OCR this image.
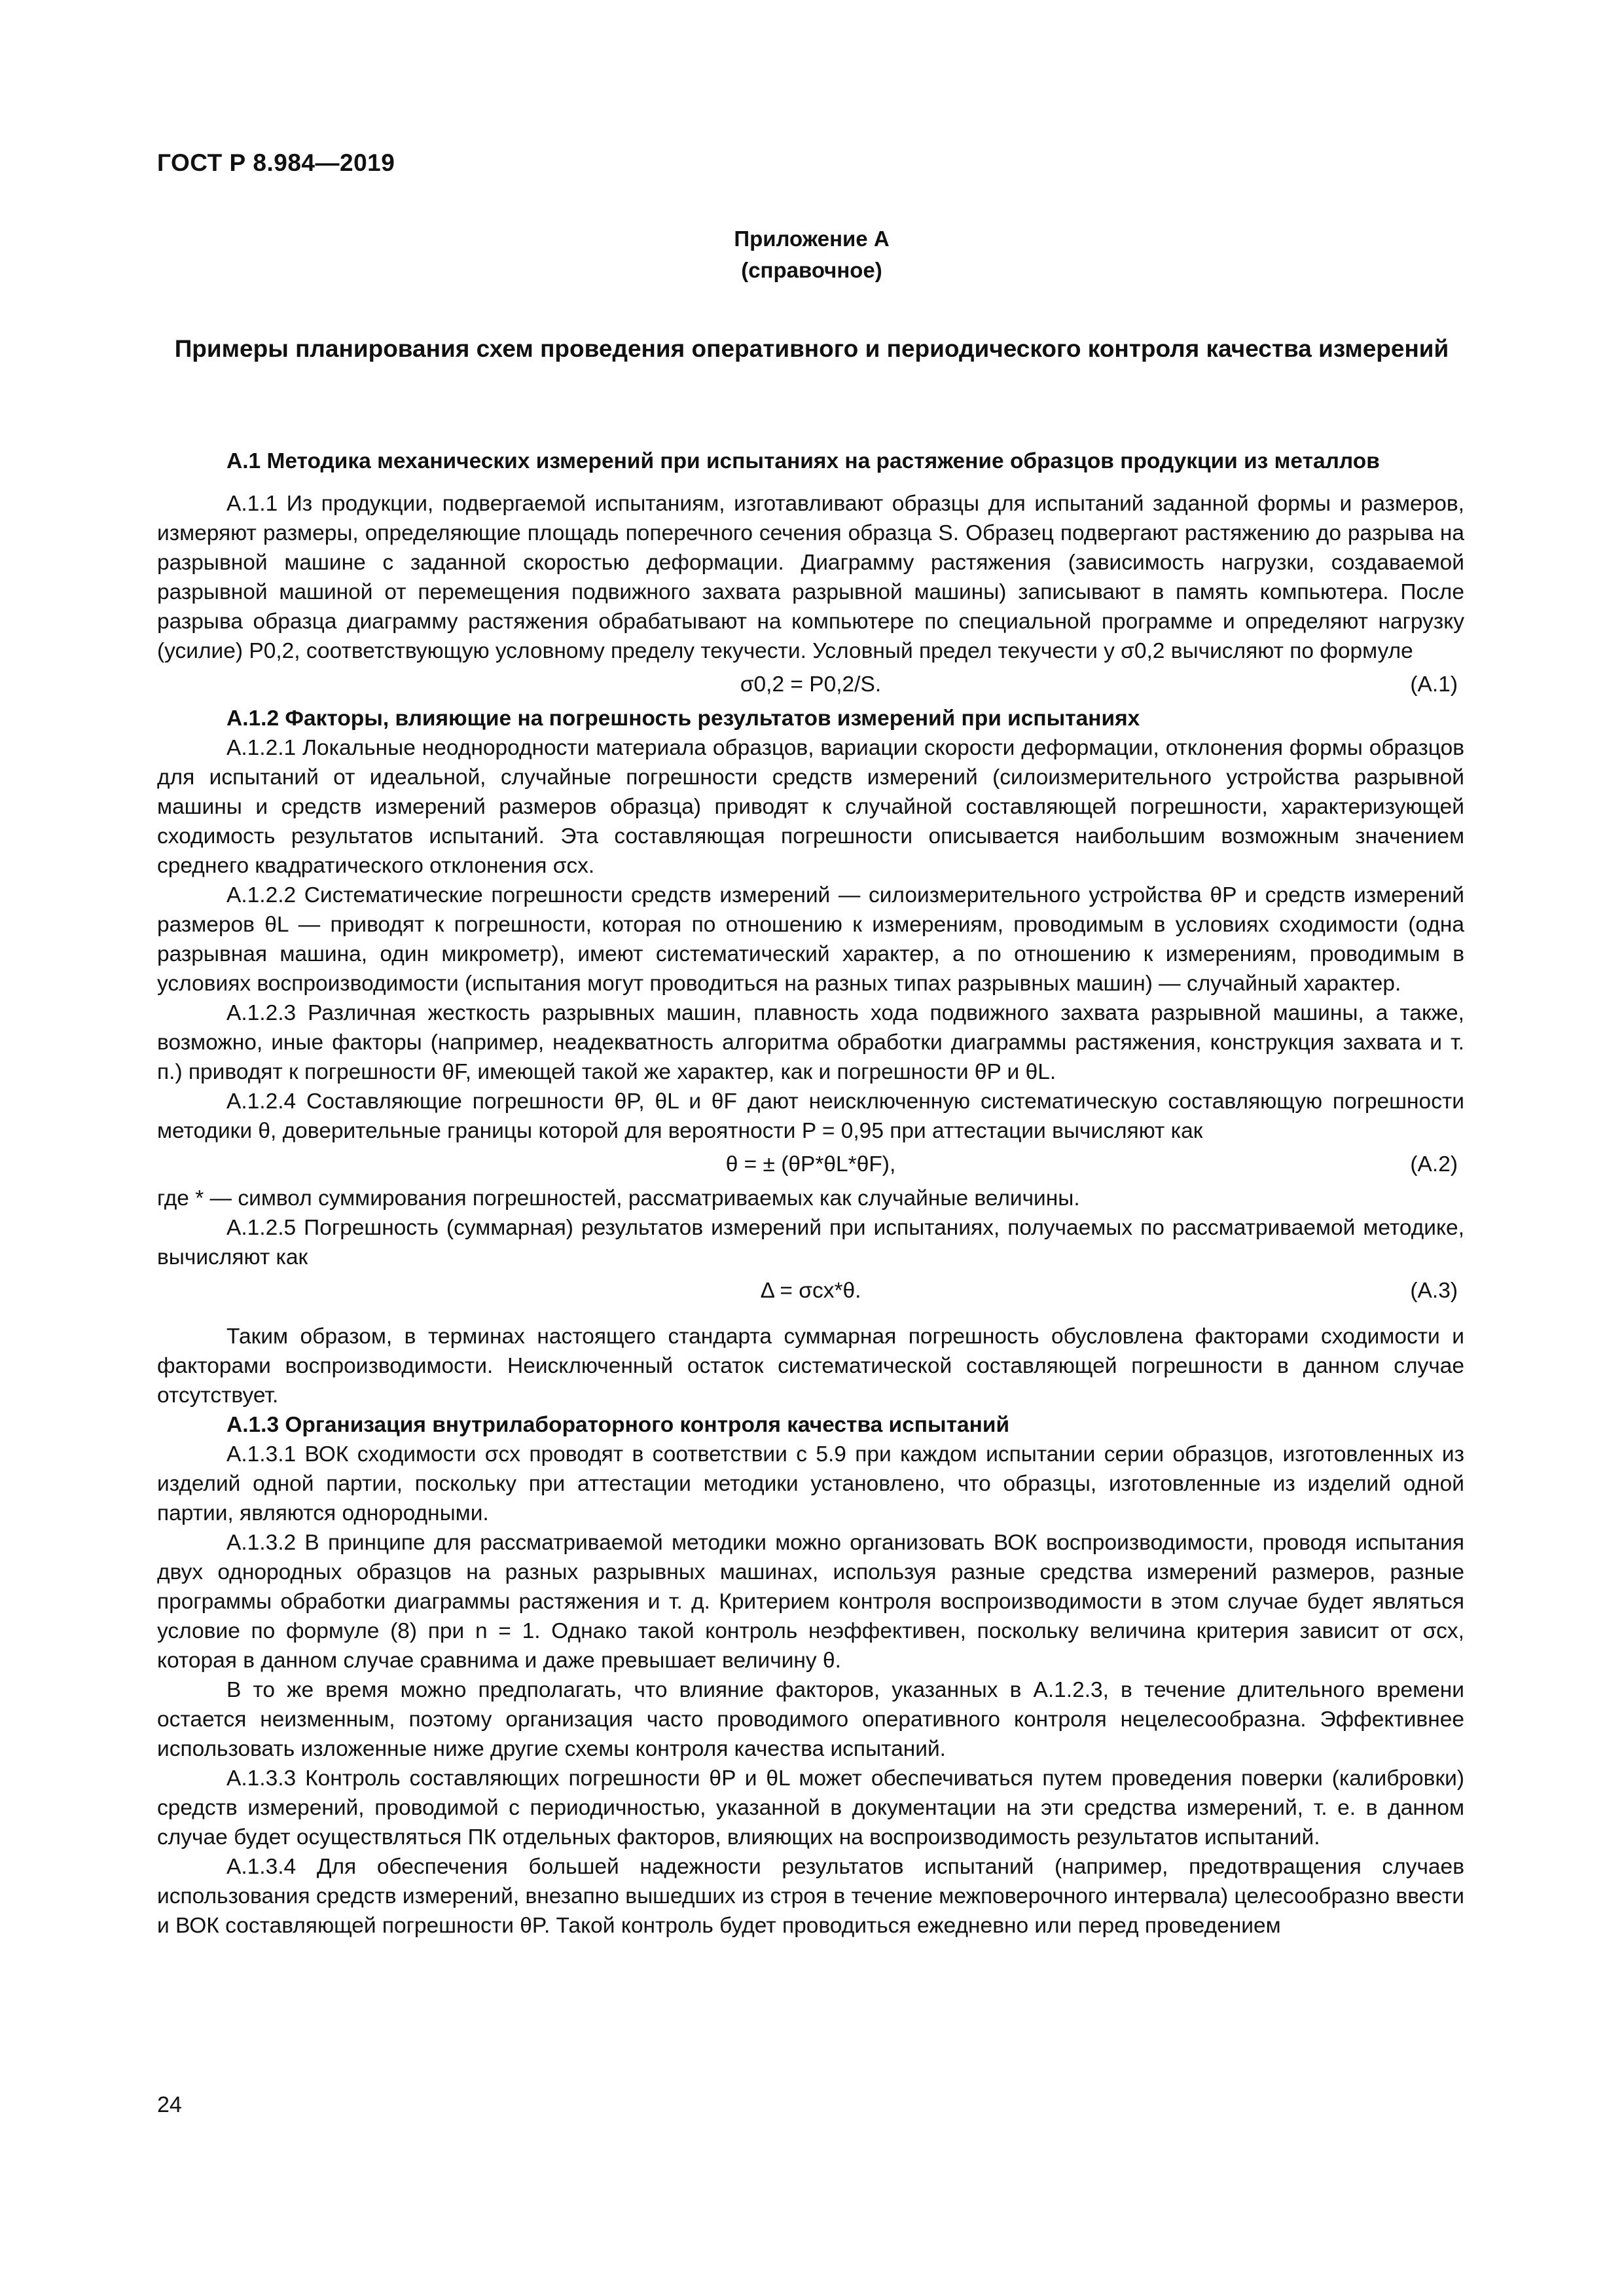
ГОСТ Р 8.984—2019
Приложение А
(справочное)
Примеры планирования схем проведения оперативного и периодического контроля качества измерений

А.1 Методика механических измерений при испытаниях на растяжение образцов продукции из металлов

А.1.1 Из продукции, подвергаемой испытаниям, изготавливают образцы для испытаний заданной формы и размеров, измеряют размеры, определяющие площадь поперечного сечения образца S. Образец подвергают растяжению до разрыва на разрывной машине с заданной скоростью деформации. Диаграмму растяжения (зависимость нагрузки, создаваемой разрывной машиной от перемещения подвижного захвата разрывной машины) записывают в память компьютера. После разрыва образца диаграмму растяжения обрабатывают на компьютере по специальной программе и определяют нагрузку (усилие) P0,2, соответствующую условному пределу текучести. Условный предел текучести у σ0,2 вычисляют по формуле

σ0,2 = P0,2/S.	(А.1)

А.1.2 Факторы, влияющие на погрешность результатов измерений при испытаниях

А.1.2.1 Локальные неоднородности материала образцов, вариации скорости деформации, отклонения формы образцов для испытаний от идеальной, случайные погрешности средств измерений (силоизмерительного устройства разрывной машины и средств измерений размеров образца) приводят к случайной составляющей погрешности, характеризующей сходимость результатов испытаний. Эта составляющая погрешности описывается наибольшим возможным значением среднего квадратического отклонения σсх.

А.1.2.2 Систематические погрешности средств измерений — силоизмерительного устройства θP и средств измерений размеров θL — приводят к погрешности, которая по отношению к измерениям, проводимым в условиях сходимости (одна разрывная машина, один микрометр), имеют систематический характер, а по отношению к измерениям, проводимым в условиях воспроизводимости (испытания могут проводиться на разных типах разрывных машин) — случайный характер.

А.1.2.3 Различная жесткость разрывных машин, плавность хода подвижного захвата разрывной машины, а также, возможно, иные факторы (например, неадекватность алгоритма обработки диаграммы растяжения, конструкция захвата и т. п.) приводят к погрешности θF, имеющей такой же характер, как и погрешности θP и θL.

А.1.2.4 Составляющие погрешности θP, θL и θF дают неисключенную систематическую составляющую погрешности методики θ, доверительные границы которой для вероятности P = 0,95 при аттестации вычисляют как

θ = ± (θP*θL*θF),	(А.2)

где * — символ суммирования погрешностей, рассматриваемых как случайные величины.

А.1.2.5 Погрешность (суммарная) результатов измерений при испытаниях, получаемых по рассматриваемой методике, вычисляют как

Δ = σсх*θ.	(А.3)

Таким образом, в терминах настоящего стандарта суммарная погрешность обусловлена факторами сходимости и факторами воспроизводимости. Неисключенный остаток систематической составляющей погрешности в данном случае отсутствует.

А.1.3 Организация внутрилабораторного контроля качества испытаний

А.1.3.1 ВОК сходимости σсх проводят в соответствии с 5.9 при каждом испытании серии образцов, изготовленных из изделий одной партии, поскольку при аттестации методики установлено, что образцы, изготовленные из изделий одной партии, являются однородными.

А.1.3.2 В принципе для рассматриваемой методики можно организовать ВОК воспроизводимости, проводя испытания двух однородных образцов на разных разрывных машинах, используя разные средства измерений размеров, разные программы обработки диаграммы растяжения и т. д. Критерием контроля воспроизводимости в этом случае будет являться условие по формуле (8) при n = 1. Однако такой контроль неэффективен, поскольку величина критерия зависит от σсх, которая в данном случае сравнима и даже превышает величину θ.

В то же время можно предполагать, что влияние факторов, указанных в А.1.2.3, в течение длительного времени остается неизменным, поэтому организация часто проводимого оперативного контроля нецелесообразна. Эффективнее использовать изложенные ниже другие схемы контроля качества испытаний.

А.1.3.3 Контроль составляющих погрешности θP и θL может обеспечиваться путем проведения поверки (калибровки) средств измерений, проводимой с периодичностью, указанной в документации на эти средства измерений, т. е. в данном случае будет осуществляться ПК отдельных факторов, влияющих на воспроизводимость результатов испытаний.

А.1.3.4 Для обеспечения большей надежности результатов испытаний (например, предотвращения случаев использования средств измерений, внезапно вышедших из строя в течение межповерочного интервала) целесообразно ввести и ВОК составляющей погрешности θP. Такой контроль будет проводиться ежедневно или перед проведением

24
